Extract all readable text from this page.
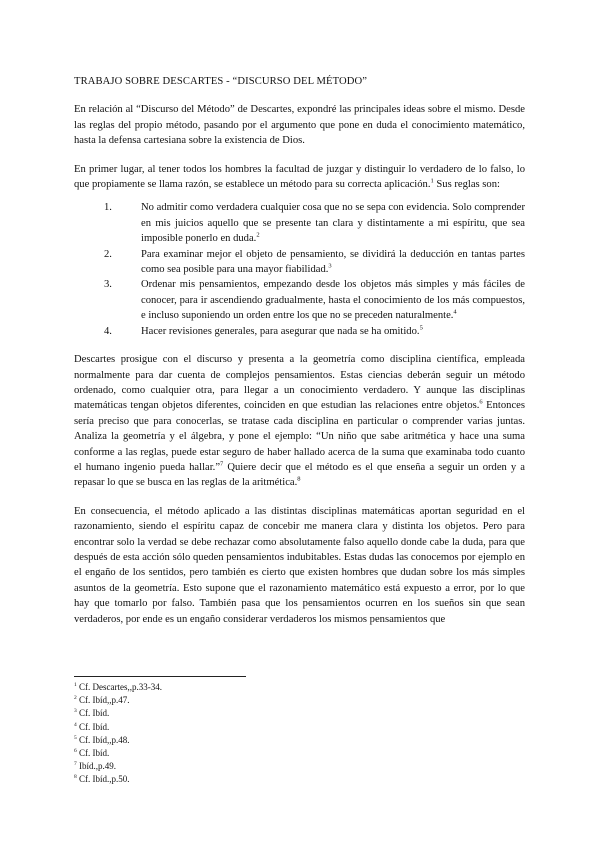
TRABAJO SOBRE DESCARTES - “DISCURSO DEL MÉTODO”

En relación al “Discurso del Método” de Descartes, expondré las principales ideas sobre el mismo. Desde las reglas del propio método, pasando por el argumento que pone en duda el conocimiento matemático, hasta la defensa cartesiana sobre la existencia de Dios.

En primer lugar, al tener todos los hombres la facultad de juzgar y distinguir lo verdadero de lo falso, lo que propiamente se llama razón, se establece un método para su correcta aplicación.$^1$ Sus reglas son:

1.	No admitir como verdadera cualquier cosa que no se sepa con evidencia. Solo comprender en mis juicios aquello que se presente tan clara y distintamente a mi espíritu, que sea imposible ponerlo en duda.$^2$
2.	Para examinar mejor el objeto de pensamiento, se dividirá la deducción en tantas partes como sea posible para una mayor fiabilidad.$^3$
3.	Ordenar mis pensamientos, empezando desde los objetos más simples y más fáciles de conocer, para ir ascendiendo gradualmente, hasta el conocimiento de los más compuestos, e incluso suponiendo un orden entre los que no se preceden naturalmente.$^4$
4.	Hacer revisiones generales, para asegurar que nada se ha omitido.$^5$

Descartes prosigue con el discurso y presenta a la geometría como disciplina científica, empleada normalmente para dar cuenta de complejos pensamientos. Estas ciencias deberán seguir un método ordenado, como cualquier otra, para llegar a un conocimiento verdadero. Y aunque las disciplinas matemáticas tengan objetos diferentes, coinciden en que estudian las relaciones entre objetos.$^6$ Entonces sería preciso que para conocerlas, se tratase cada disciplina en particular o comprender varias juntas. Analiza la geometría y el álgebra, y pone el ejemplo: “Un niño que sabe aritmética y hace una suma conforme a las reglas, puede estar seguro de haber hallado acerca de la suma que examinaba todo cuanto el humano ingenio pueda hallar.”$^7$ Quiere decir que el método es el que enseña a seguir un orden y a repasar lo que se busca en las reglas de la aritmética.$^8$

En consecuencia, el método aplicado a las distintas disciplinas matemáticas aportan seguridad en el razonamiento, siendo el espíritu capaz de concebir me manera clara y distinta los objetos. Pero para encontrar solo la verdad se debe rechazar como absolutamente falso aquello donde cabe la duda, para que después de esta acción sólo queden pensamientos indubitables. Estas dudas las conocemos por ejemplo en el engaño de los sentidos, pero también es cierto que existen hombres que dudan sobre los más simples asuntos de la geometría. Esto supone que el razonamiento matemático está expuesto a error, por lo que hay que tomarlo por falso. También pasa que los pensamientos ocurren en los sueños sin que sean verdaderos, por ende es un engaño considerar verdaderos los mismos pensamientos que

$^1$ Cf. Descartes,,p.33-34.

$^2$ Cf. Ibíd,,p.47.

$^3$ Cf. Ibíd.

$^4$ Cf. Ibíd.

$^5$ Cf. Ibíd,,p.48.

$^6$ Cf. Ibíd.

$^7$ Ibíd.,p.49.

$^8$ Cf. Ibíd.,p.50.
